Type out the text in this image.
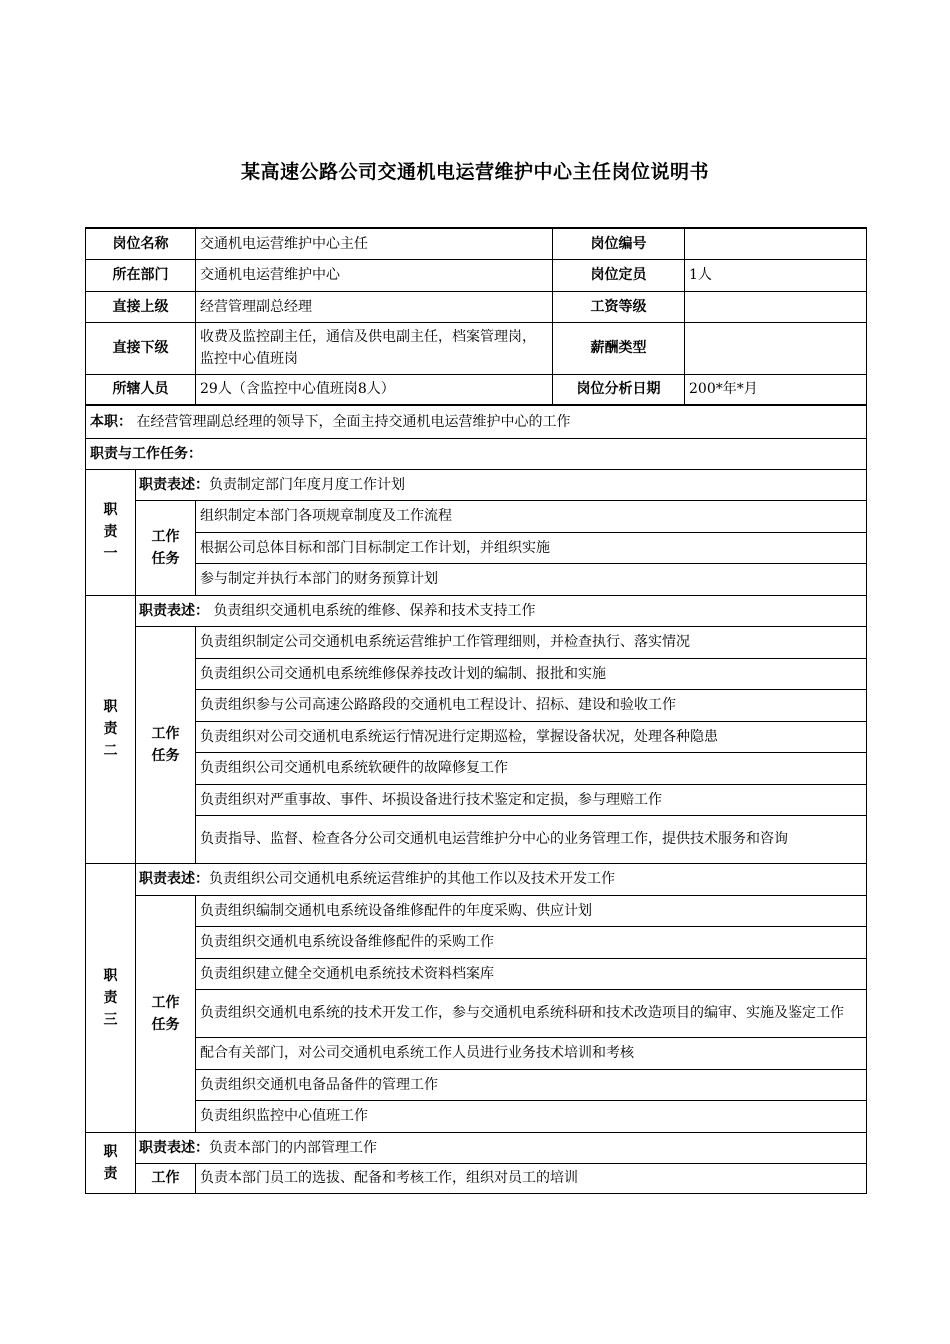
某高速公路公司交通机电运营维护中心主任岗位说明书
岗位名称		交通机电运营维护中心主任	岗位编号	
所在部门		交通机电运营维护中心	岗位定员	1人
直接上级		经营管理副总经理	工资等级	
直接下级		收费及监控副主任，通信及供电副主任，档案管理岗，监控中心值班岗	薪酬类型	
所辖人员		29人（含监控中心值班岗8人）	岗位分析日期	200*年*月
本职： 在经营管理副总经理的领导下，全面主持交通机电运营维护中心的工作				
职责与工作任务：				

职
责
一	职责表述：负责制定部门年度月度工作计划			

	工作
任务	组织制定本部门各项规章制度及工作流程		
		根据公司总体目标和部门目标制定工作计划，并组织实施		
		参与制定并执行本部门的财务预算计划		

职
责
二	职责表述： 负责组织交通机电系统的维修、保养和技术支持工作			

	工作
任务	负责组织制定公司交通机电系统运营维护工作管理细则，并检查执行、落实情况		
		负责组织公司交通机电系统维修保养技改计划的编制、报批和实施		
		负责组织参与公司高速公路路段的交通机电工程设计、招标、建设和验收工作		
		负责组织对公司交通机电系统运行情况进行定期巡检，掌握设备状况，处理各种隐患		
		负责组织公司交通机电系统软硬件的故障修复工作		
		负责组织对严重事故、事件、坏损设备进行技术鉴定和定损，参与理赔工作		
		负责指导、监督、检查各分公司交通机电运营维护分中心的业务管理工作，提供技术服务和咨询		

职
责
三	职责表述：负责组织公司交通机电系统运营维护的其他工作以及技术开发工作			

	工作
任务	负责组织编制交通机电系统设备维修配件的年度采购、供应计划		
		负责组织交通机电系统设备维修配件的采购工作		
		负责组织建立健全交通机电系统技术资料档案库		
		负责组织交通机电系统的技术开发工作，参与交通机电系统科研和技术改造项目的编审、实施及鉴定工作		
		配合有关部门，对公司交通机电系统工作人员进行业务技术培训和考核		
		负责组织交通机电备品备件的管理工作		
		负责组织监控中心值班工作		

职
责	职责表述：负责本部门的内部管理工作			

	工作	负责本部门员工的选拔、配备和考核工作，组织对员工的培训		
